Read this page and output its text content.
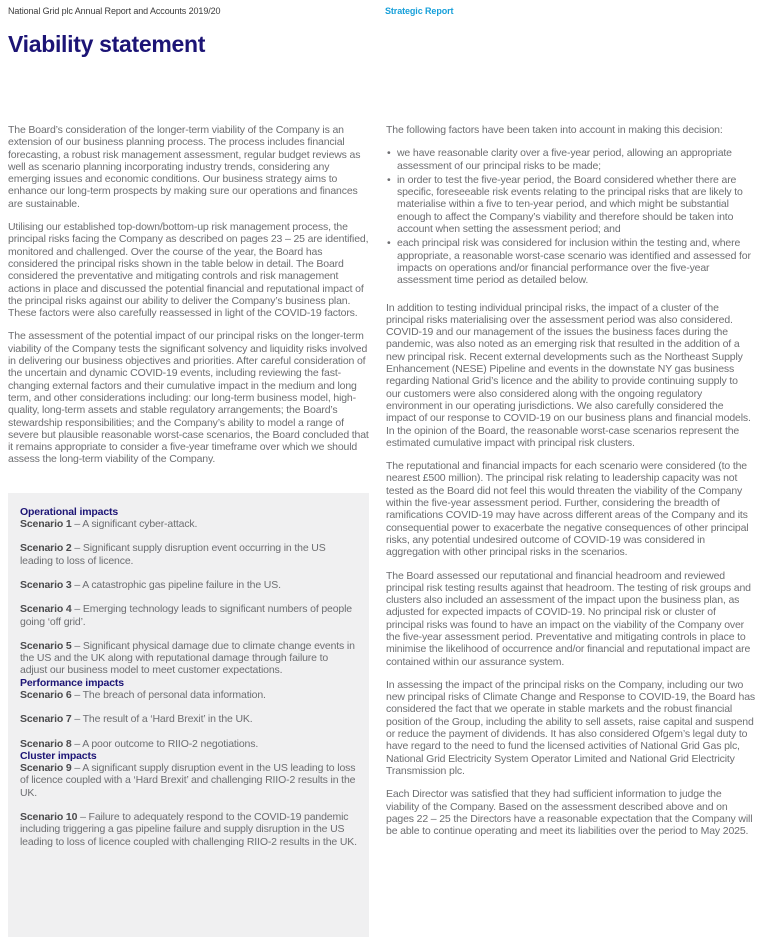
National Grid plc Annual Report and Accounts 2019/20	Strategic Report
Viability statement

The Board’s consideration of the longer-term viability of the Company is an extension of our business planning process. The process includes financial forecasting, a robust risk management assessment, regular budget reviews as well as scenario planning incorporating industry trends, considering any emerging issues and economic conditions. Our business strategy aims to enhance our long-term prospects by making sure our operations and finances are sustainable.

Utilising our established top-down/bottom-up risk management process, the principal risks facing the Company as described on pages 23 – 25 are identified, monitored and challenged. Over the course of the year, the Board has considered the principal risks shown in the table below in detail. The Board considered the preventative and mitigating controls and risk management actions in place and discussed the potential financial and reputational impact of the principal risks against our ability to deliver the Company’s business plan. These factors were also carefully reassessed in light of the COVID-19 factors.

The assessment of the potential impact of our principal risks on the longer-term viability of the Company tests the significant solvency and liquidity risks involved in delivering our business objectives and priorities. After careful consideration of the uncertain and dynamic COVID-19 events, including reviewing the fast-changing external factors and their cumulative impact in the medium and long term, and other considerations including: our long-term business model, high-quality, long-term assets and stable regulatory arrangements; the Board’s stewardship responsibilities; and the Company’s ability to model a range of severe but plausible reasonable worst-case scenarios, the Board concluded that it remains appropriate to consider a five-year timeframe over which we should assess the long-term viability of the Company.

Operational impacts

Scenario 1 – A significant cyber-attack.

Scenario 2 – Significant supply disruption event occurring in the US leading to loss of licence.

Scenario 3 – A catastrophic gas pipeline failure in the US.

Scenario 4 – Emerging technology leads to significant numbers of people going ‘off grid’.

Scenario 5 – Significant physical damage due to climate change events in the US and the UK along with reputational damage through failure to adjust our business model to meet customer expectations.

Performance impacts

Scenario 6 – The breach of personal data information.

Scenario 7 – The result of a ‘Hard Brexit’ in the UK.

Scenario 8 – A poor outcome to RIIO-2 negotiations.

Cluster impacts

Scenario 9 – A significant supply disruption event in the US leading to loss of licence coupled with a ‘Hard Brexit’ and challenging RIIO-2 results in the UK.

Scenario 10 – Failure to adequately respond to the COVID-19 pandemic including triggering a gas pipeline failure and supply disruption in the US leading to loss of licence coupled with challenging RIIO-2 results in the UK.

The following factors have been taken into account in making this decision:

• we have reasonable clarity over a five-year period, allowing an appropriate assessment of our principal risks to be made;
• in order to test the five-year period, the Board considered whether there are specific, foreseeable risk events relating to the principal risks that are likely to materialise within a five to ten-year period, and which might be substantial enough to affect the Company’s viability and therefore should be taken into account when setting the assessment period; and
• each principal risk was considered for inclusion within the testing and, where appropriate, a reasonable worst-case scenario was identified and assessed for impacts on operations and/or financial performance over the five-year assessment time period as detailed below.

In addition to testing individual principal risks, the impact of a cluster of the principal risks materialising over the assessment period was also considered. COVID-19 and our management of the issues the business faces during the pandemic, was also noted as an emerging risk that resulted in the addition of a new principal risk. Recent external developments such as the Northeast Supply Enhancement (NESE) Pipeline and events in the downstate NY gas business regarding National Grid’s licence and the ability to provide continuing supply to our customers were also considered along with the ongoing regulatory environment in our operating jurisdictions. We also carefully considered the impact of our response to COVID-19 on our business plans and financial models. In the opinion of the Board, the reasonable worst-case scenarios represent the estimated cumulative impact with principal risk clusters.

The reputational and financial impacts for each scenario were considered (to the nearest £500 million). The principal risk relating to leadership capacity was not tested as the Board did not feel this would threaten the viability of the Company within the five-year assessment period. Further, considering the breadth of ramifications COVID-19 may have across different areas of the Company and its consequential power to exacerbate the negative consequences of other principal risks, any potential undesired outcome of COVID-19 was considered in aggregation with other principal risks in the scenarios.

The Board assessed our reputational and financial headroom and reviewed principal risk testing results against that headroom. The testing of risk groups and clusters also included an assessment of the impact upon the business plan, as adjusted for expected impacts of COVID-19. No principal risk or cluster of principal risks was found to have an impact on the viability of the Company over the five-year assessment period. Preventative and mitigating controls in place to minimise the likelihood of occurrence and/or financial and reputational impact are contained within our assurance system.

In assessing the impact of the principal risks on the Company, including our two new principal risks of Climate Change and Response to COVID-19, the Board has considered the fact that we operate in stable markets and the robust financial position of the Group, including the ability to sell assets, raise capital and suspend or reduce the payment of dividends. It has also considered Ofgem’s legal duty to have regard to the need to fund the licensed activities of National Grid Gas plc, National Grid Electricity System Operator Limited and National Grid Electricity Transmission plc.

Each Director was satisfied that they had sufficient information to judge the viability of the Company. Based on the assessment described above and on pages 22 – 25 the Directors have a reasonable expectation that the Company will be able to continue operating and meet its liabilities over the period to May 2025.
